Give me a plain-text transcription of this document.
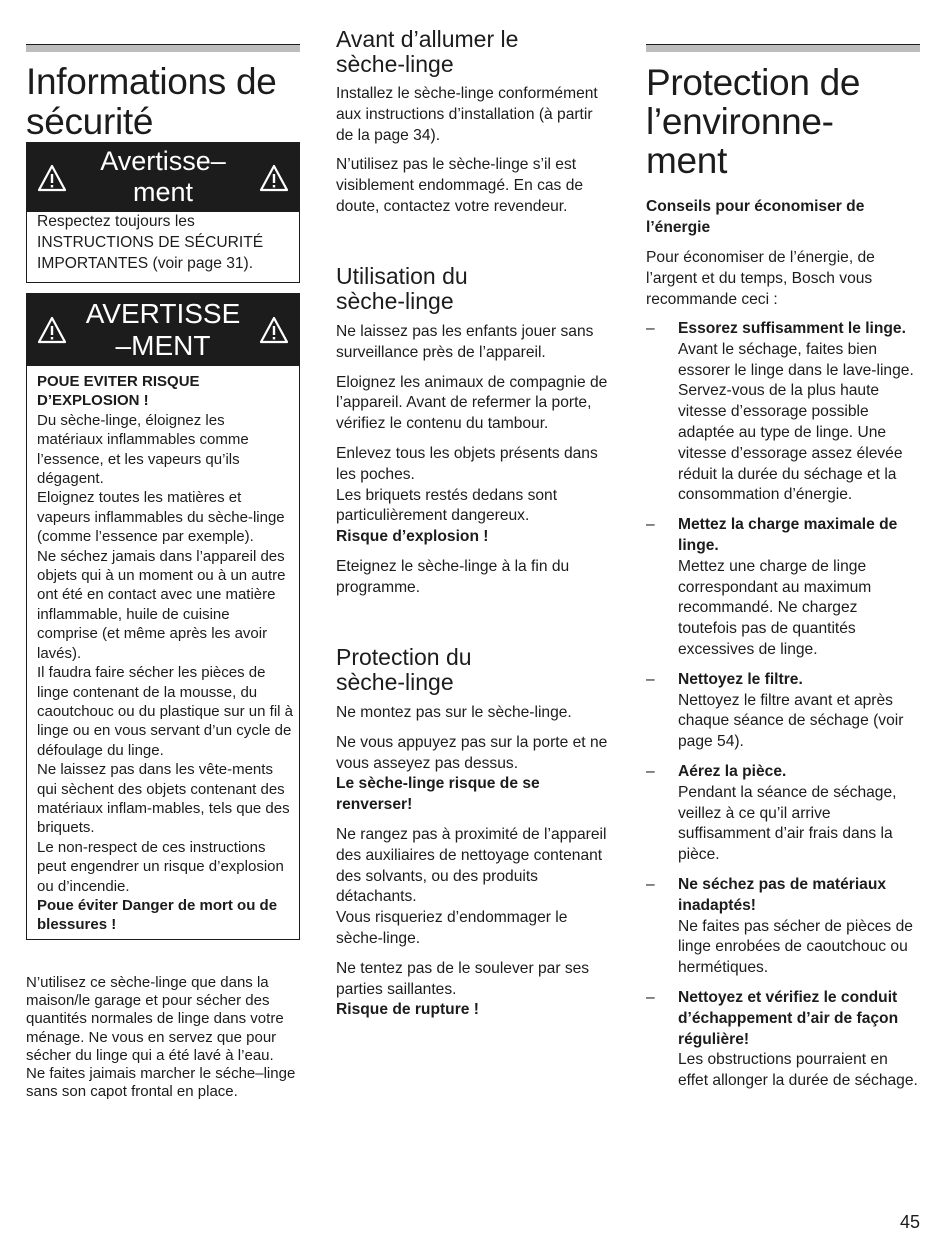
Informations de sécurité
Avertisse–
ment

Respectez toujours les INSTRUCTIONS DE SÉCURITÉ IMPORTANTES (voir page 31).

AVERTISSE
–MENT

POUE EVITER RISQUE D’EXPLOSION !

Du sèche-linge, éloignez les matériaux inflammables comme l’essence, et les vapeurs qu’ils dégagent.

Eloignez toutes les matières et vapeurs inflammables du sèche-linge (comme l’essence par exemple).

Ne séchez jamais dans l’appareil des objets qui à un moment ou à un autre ont été en contact avec une matière inflammable, huile de cuisine comprise (et même après les avoir lavés).

Il faudra faire sécher les pièces de linge contenant de la mousse, du caoutchouc ou du plastique sur un fil à linge ou en vous servant d’un cycle de défoulage du linge.

Ne laissez pas dans les vête-ments qui sèchent des objets contenant des matériaux inflam-mables, tels que des briquets.

Le non-respect de ces instructions peut engendrer un risque d’explosion ou d’incendie.

Poue éviter Danger de mort ou de blessures !

N’utilisez ce sèche-linge que dans la maison/le garage et pour sécher des quantités normales de linge dans votre ménage. Ne vous en servez que pour sécher du linge qui a été lavé à l’eau.

Ne faites jaimais marcher le séche–linge sans son capot frontal en place.

Avant d’allumer le sèche-linge

Installez le sèche-linge conformément aux instructions d’installation (à partir de la page 34).

N’utilisez pas le sèche-linge s’il est visiblement endommagé. En cas de doute, contactez votre revendeur.

Utilisation du sèche-linge

Ne laissez pas les enfants jouer sans surveillance près de l’appareil.

Eloignez les animaux de compagnie de l’appareil. Avant de refermer la porte, vérifiez le contenu du tambour.

Enlevez tous les objets présents dans les poches.

Les briquets restés dedans sont particulièrement dangereux.

Risque d’explosion !

Eteignez le sèche-linge à la fin du programme.

Protection du sèche-linge

Ne montez pas sur le sèche-linge.

Ne vous appuyez pas sur la porte et ne vous asseyez pas dessus.

Le sèche-linge risque de se renverser!

Ne rangez pas à proximité de l’appareil des auxiliaires de nettoyage contenant des solvants, ou des produits détachants.

Vous risqueriez d’endommager le sèche-linge.

Ne tentez pas de le soulever par ses parties saillantes.

Risque de rupture !

Protection de
l’environne-
ment

Conseils pour économiser de l’énergie

Pour économiser de l’énergie, de l’argent et du temps, Bosch vous recommande ceci :

– Essorez suffisamment le linge.

Avant le séchage, faites bien essorer le linge dans le lave-linge. Servez-vous de la plus haute vitesse d’essorage possible adaptée au type de linge. Une vitesse d’essorage assez élevée réduit la durée du séchage et la consommation d’énergie.

– Mettez la charge maximale de linge.

Mettez une charge de linge correspondant au maximum recommandé. Ne chargez toutefois pas de quantités excessives de linge.

– Nettoyez le filtre.

Nettoyez le filtre avant et après chaque séance de séchage (voir page 54).

– Aérez la pièce.

Pendant la séance de séchage, veillez à ce qu’il arrive suffisamment d’air frais dans la pièce.

– Ne séchez pas de matériaux inadaptés!

Ne faites pas sécher de pièces de linge enrobées de caoutchouc ou hermétiques.

– Nettoyez et vérifiez le conduit d’échappement d’air de façon régulière!

Les obstructions pourraient en effet allonger la durée de séchage.

45
